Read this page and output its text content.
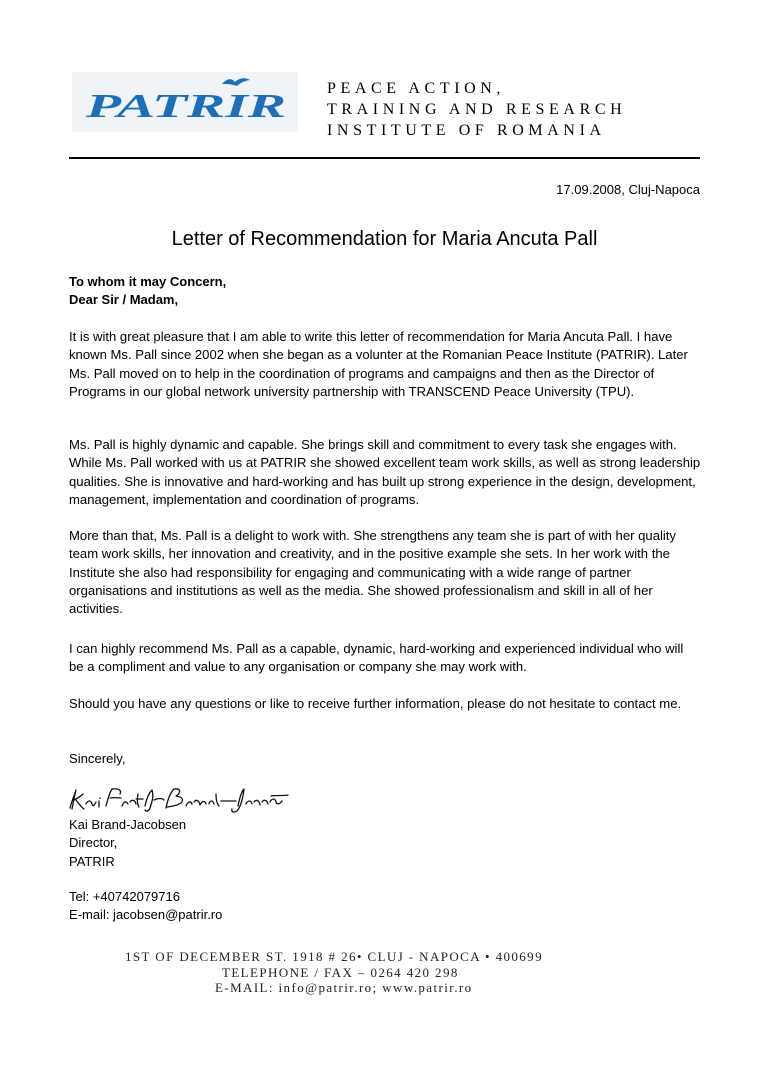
PATRIR	PEACE ACTION,
TRAINING AND RESEARCH
INSTITUTE OF ROMANIA
17.09.2008, Cluj-Napoca
Letter of Recommendation for Maria Ancuta Pall
To whom it may Concern,
Dear Sir / Madam,
It is with great pleasure that I am able to write this letter of recommendation for Maria Ancuta Pall. I have known Ms. Pall since 2002 when she began as a volunter at the Romanian Peace Institute (PATRIR). Later Ms. Pall moved on to help in the coordination of programs and campaigns and then as the Director of Programs in our global network university partnership with TRANSCEND Peace University (TPU).
Ms. Pall is highly dynamic and capable. She brings skill and commitment to every task she engages with. While Ms. Pall worked with us at PATRIR she showed excellent team work skills, as well as strong leadership qualities. She is innovative and hard-working and has built up strong experience in the design, development, management, implementation and coordination of programs.
More than that, Ms. Pall is a delight to work with. She strengthens any team she is part of with her quality team work skills, her innovation and creativity, and in the positive example she sets. In her work with the Institute she also had responsibility for engaging and communicating with a wide range of partner organisations and institutions as well as the media. She showed professionalism and skill in all of her activities.
I can highly recommend Ms. Pall as a capable, dynamic, hard-working and experienced individual who will be a compliment and value to any organisation or company she may work with.
Should you have any questions or like to receive further information, please do not hesitate to contact me.
Sincerely,
Kai Brand-Jacobsen
Director,
PATRIR
Tel: +40742079716
E-mail: jacobsen@patrir.ro
1ST OF DECEMBER ST. 1918 # 26• CLUJ - NAPOCA • 400699
TELEPHONE / FAX – 0264 420 298
E-MAIL: info@patrir.ro; www.patrir.ro
